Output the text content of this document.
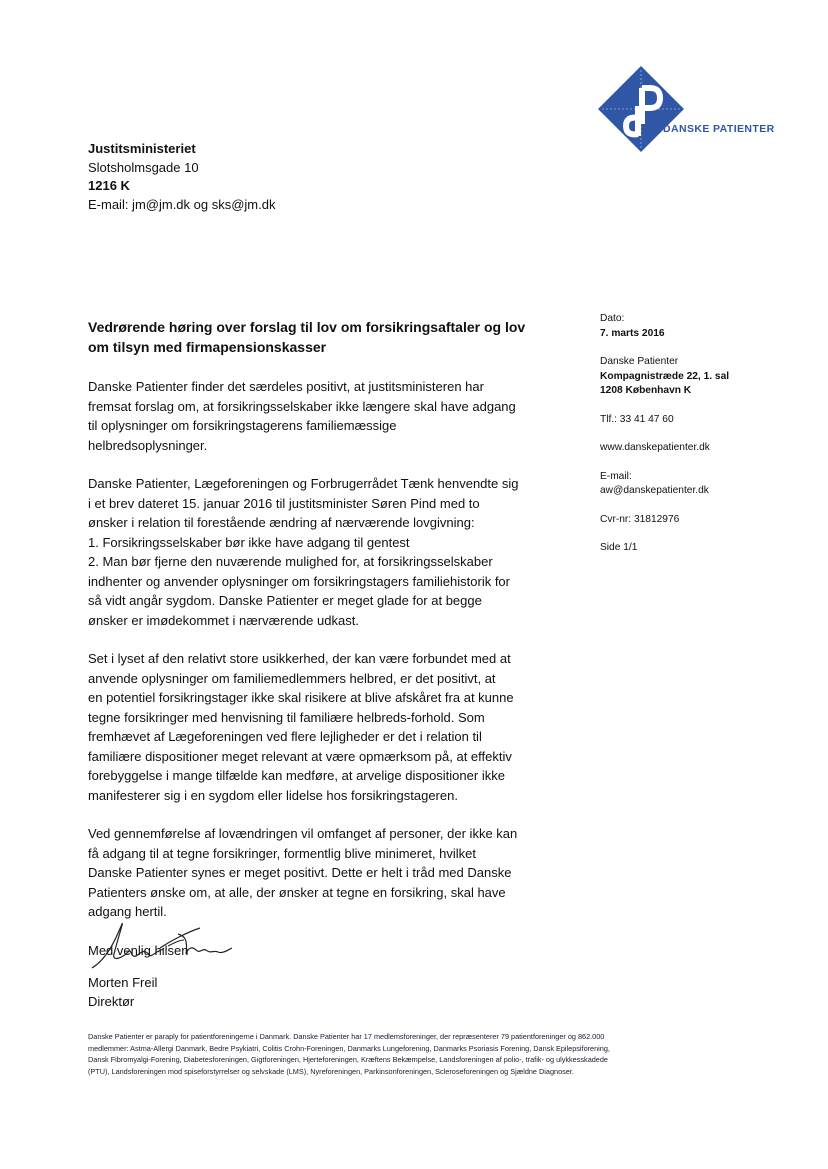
DANSKE PATIENTER
Justitsministeriet
Slotsholmsgade 10
1216 K
E-mail: jm@jm.dk og sks@jm.dk
Dato:
7. marts 2016
Danske Patienter
Kompagnistræde 22, 1. sal
1208 København K
Tlf.: 33 41 47 60
www.danskepatienter.dk
E-mail:
aw@danskepatienter.dk
Cvr-nr: 31812976
Side 1/1
Vedrørende høring over forslag til lov om forsikringsaftaler og lov
om tilsyn med firmapensionskasser
Danske Patienter finder det særdeles positivt, at justitsministeren har
fremsat forslag om, at forsikringsselskaber ikke længere skal have adgang
til oplysninger om forsikringstagerens familiemæssige
helbredsoplysninger.
Danske Patienter, Lægeforeningen og Forbrugerrådet Tænk henvendte sig
i et brev dateret 15. januar 2016 til justitsminister Søren Pind med to
ønsker i relation til forestående ændring af nærværende lovgivning:
1. Forsikringsselskaber bør ikke have adgang til gentest
2. Man bør fjerne den nuværende mulighed for, at forsikringsselskaber
indhenter og anvender oplysninger om forsikringstagers familiehistorik for
så vidt angår sygdom. Danske Patienter er meget glade for at begge
ønsker er imødekommet i nærværende udkast.
Set i lyset af den relativt store usikkerhed, der kan være forbundet med at
anvende oplysninger om familiemedlemmers helbred, er det positivt, at
en potentiel forsikringstager ikke skal risikere at blive afskåret fra at kunne
tegne forsikringer med henvisning til familiære helbreds-forhold. Som
fremhævet af Lægeforeningen ved flere lejligheder er det i relation til
familiære dispositioner meget relevant at være opmærksom på, at effektiv
forebyggelse i mange tilfælde kan medføre, at arvelige dispositioner ikke
manifesterer sig i en sygdom eller lidelse hos forsikringstageren.
Ved gennemførelse af lovændringen vil omfanget af personer, der ikke kan
få adgang til at tegne forsikringer, formentlig blive minimeret, hvilket
Danske Patienter synes er meget positivt. Dette er helt i tråd med Danske
Patienters ønske om, at alle, der ønsker at tegne en forsikring, skal have
adgang hertil.
Med venlig hilsen
Morten Freil
Direktør
Danske Patienter er paraply for patientforeningerne i Danmark. Danske Patienter har 17 medlemsforeninger, der repræsenterer 79 patientforeninger og 862.000
medlemmer: Astma-Allergi Danmark, Bedre Psykiatri, Colitis Crohn-Foreningen, Danmarks Lungeforening, Danmarks Psoriasis Forening, Dansk Epilepsiforening,
Dansk Fibromyalgi-Forening, Diabetesforeningen, Gigtforeningen, Hjerteforeningen, Kræftens Bekæmpelse, Landsforeningen af polio-, trafik- og ulykkesskadede
(PTU), Landsforeningen mod spiseforstyrrelser og selvskade (LMS), Nyreforeningen, Parkinsonforeningen, Scleroseforeningen og Sjældne Diagnoser.
